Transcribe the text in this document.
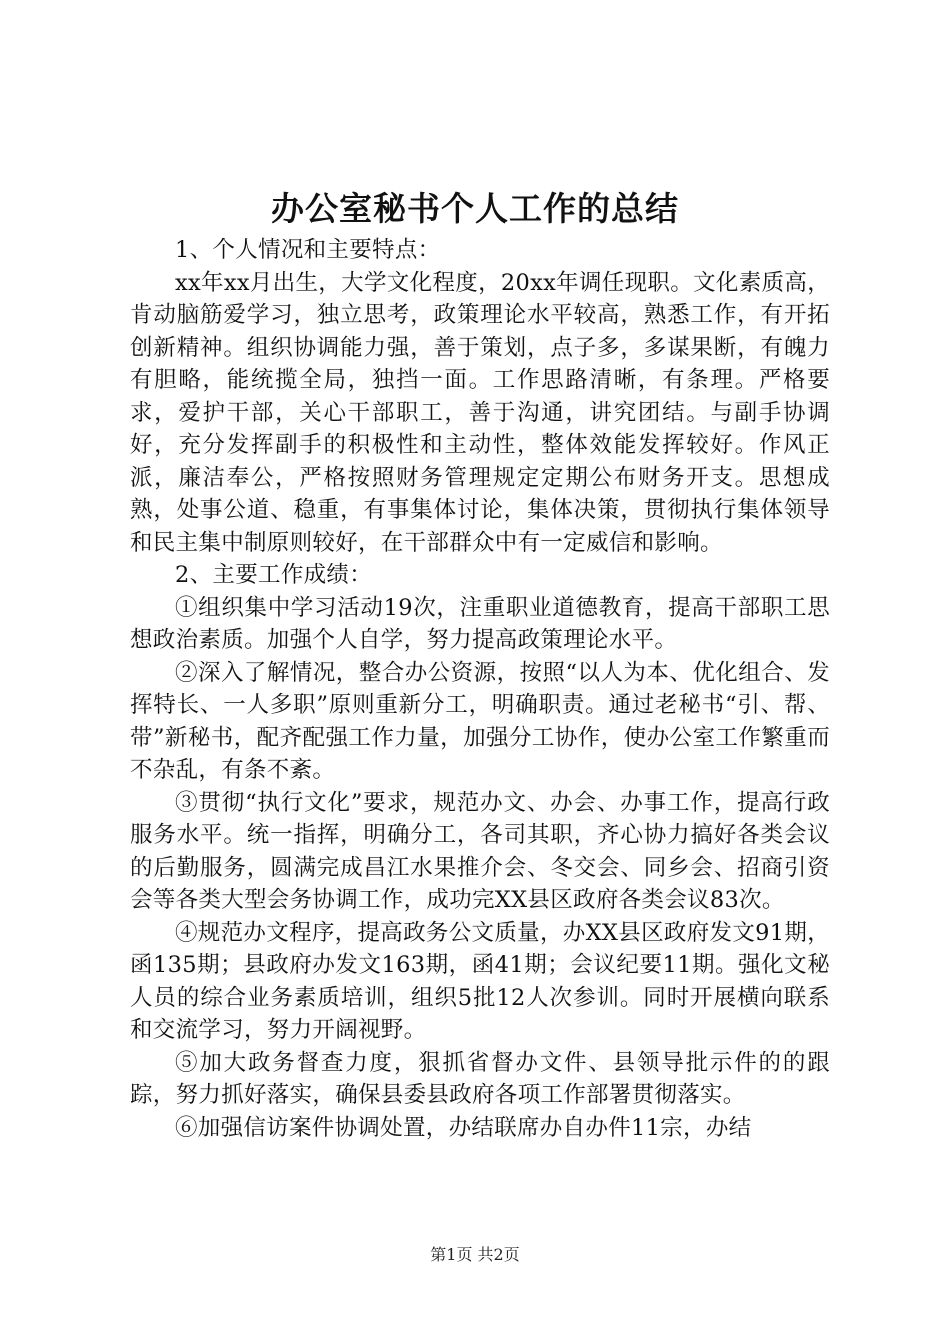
办公室秘书个人工作的总结

1、个人情况和主要特点：

xx年xx月出生，大学文化程度，20xx年调任现职。文化素质高，肯动脑筋爱学习，独立思考，政策理论水平较高，熟悉工作，有开拓创新精神。组织协调能力强，善于策划，点子多，多谋果断，有魄力有胆略，能统揽全局，独挡一面。工作思路清晰，有条理。严格要求，爱护干部，关心干部职工，善于沟通，讲究团结。与副手协调好，充分发挥副手的积极性和主动性，整体效能发挥较好。作风正派，廉洁奉公，严格按照财务管理规定定期公布财务开支。思想成熟，处事公道、稳重，有事集体讨论，集体决策，贯彻执行集体领导和民主集中制原则较好，在干部群众中有一定威信和影响。

2、主要工作成绩：

①组织集中学习活动19次，注重职业道德教育，提高干部职工思想政治素质。加强个人自学，努力提高政策理论水平。

②深入了解情况，整合办公资源，按照“以人为本、优化组合、发挥特长、一人多职”原则重新分工，明确职责。通过老秘书“引、帮、带”新秘书，配齐配强工作力量，加强分工协作，使办公室工作繁重而不杂乱，有条不紊。

③贯彻“执行文化”要求，规范办文、办会、办事工作，提高行政服务水平。统一指挥，明确分工，各司其职，齐心协力搞好各类会议的后勤服务，圆满完成昌江水果推介会、冬交会、同乡会、招商引资会等各类大型会务协调工作，成功完XX县区政府各类会议83次。

④规范办文程序，提高政务公文质量，办XX县区政府发文91期，函135期；县政府办发文163期，函41期；会议纪要11期。强化文秘人员的综合业务素质培训，组织5批12人次参训。同时开展横向联系和交流学习，努力开阔视野。

⑤加大政务督查力度，狠抓省督办文件、县领导批示件的的跟踪，努力抓好落实，确保县委县政府各项工作部署贯彻落实。

⑥加强信访案件协调处置，办结联席办自办件11宗，办结

第1页 共2页
